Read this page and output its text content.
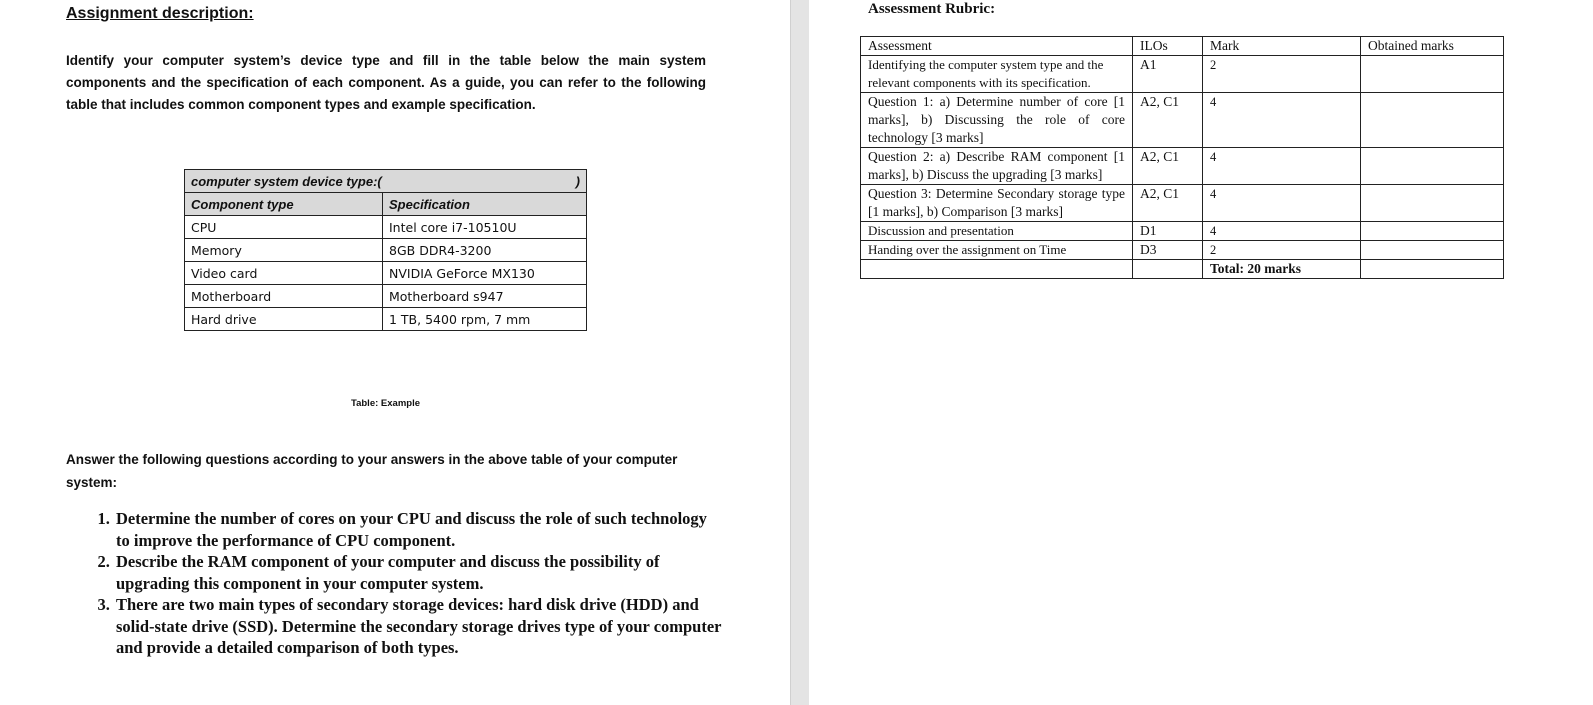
Assignment description:
Identify your computer system’s device type and fill in the table below the main system components and the specification of each component. As a guide, you can refer to the following table that includes common component types and example specification.
computer system device type:( )	

Component type	Specification
CPU	Intel core i7-10510U
Memory	8GB DDR4-3200
Video card	NVIDIA GeForce MX130
Motherboard	Motherboard s947
Hard drive	1 TB, 5400 rpm, 7 mm
Table: Example
Answer the following questions according to your answers in the above table of your computer system:
1. Determine the number of cores on your CPU and discuss the role of such technology to improve the performance of CPU component.
2. Describe the RAM component of your computer and discuss the possibility of upgrading this component in your computer system.
3. There are two main types of secondary storage devices: hard disk drive (HDD) and solid-state drive (SSD). Determine the secondary storage drives type of your computer and provide a detailed comparison of both types.
Assessment Rubric:
Assessment	ILOs	Mark	Obtained marks
Identifying the computer system type and the relevant components with its specification.	A1	2	
Question 1: a) Determine number of core [1 marks], b) Discussing the role of core technology [3 marks]	A2, C1	4	
Question 2: a) Describe RAM component [1 marks], b) Discuss the upgrading [3 marks]	A2, C1	4	
Question 3: Determine Secondary storage type [1 marks], b) Comparison [3 marks]	A2, C1	4	
Discussion and presentation	D1	4	
Handing over the assignment on Time	D3	2	
		Total: 20 marks	
